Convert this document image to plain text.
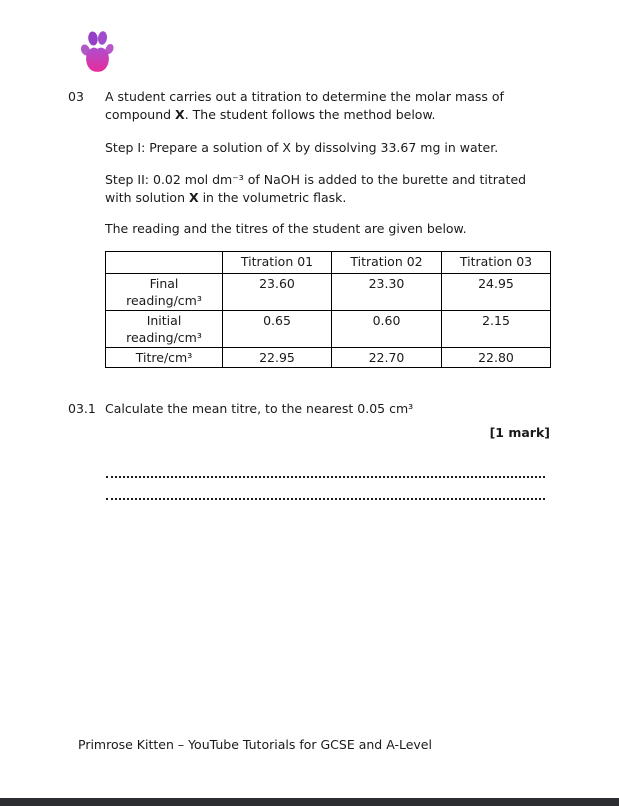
03	A student carries out a titration to determine the molar mass of
compound X. The student follows the method below.
Step I: Prepare a solution of X by dissolving 33.67 mg in water.
Step II: 0.02 mol dm⁻³ of NaOH is added to the burette and titrated
with solution X in the volumetric flask.
The reading and the titres of the student are given below.
	Titration 01	Titration 02	Titration 03

Final reading/cm³	23.60	23.30	24.95

Initial reading/cm³	0.65	0.60	2.15

Titre/cm³	22.95	22.70	22.80
03.1 Calculate the mean titre, to the nearest 0.05 cm³
[1 mark]
Primrose Kitten – YouTube Tutorials for GCSE and A-Level
